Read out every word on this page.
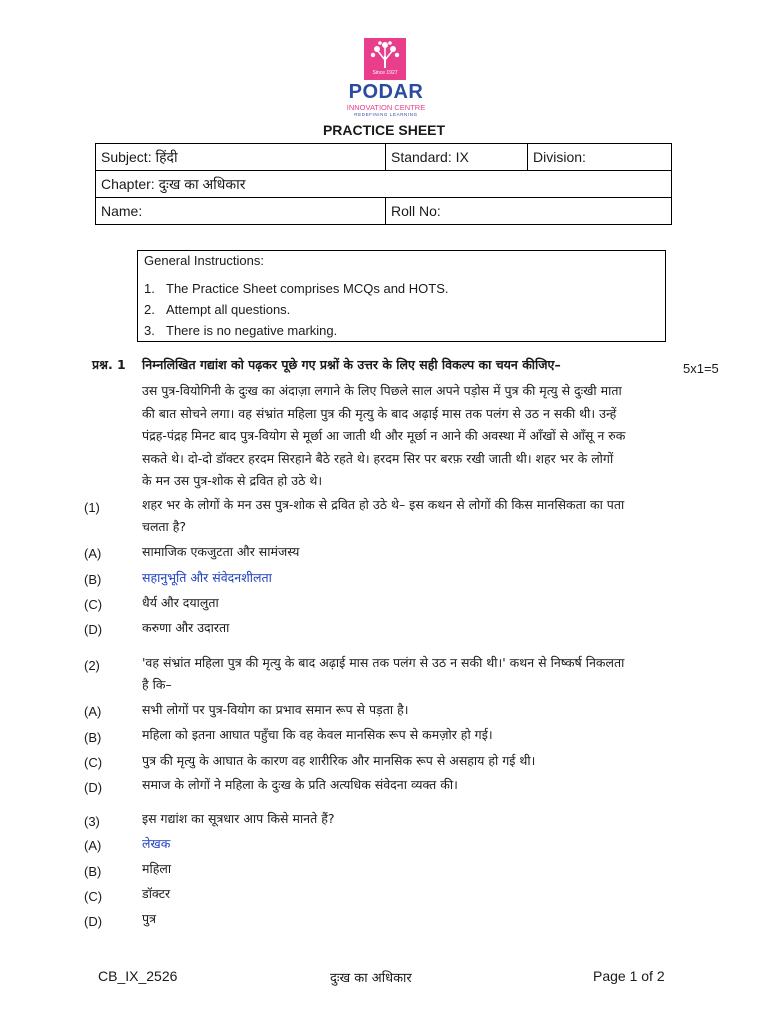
Since 1927
PODAR
INNOVATION CENTRE
REDEFINING LEARNING
PRACTICE SHEET
Subject: हिंदी	Standard: IX	Division:
Chapter: दुःख का अधिकार		
Name:	Roll No:	
General Instructions:
1. The Practice Sheet comprises MCQs and HOTS.
2. Attempt all questions.
3. There is no negative marking.
प्रश्न. 1 निम्नलिखित गद्यांश को पढ़कर पूछे गए प्रश्नों के उत्तर के लिए सही विकल्प का चयन कीजिए–	5x1=5
उस पुत्र-वियोगिनी के दुःख का अंदाज़ा लगाने के लिए पिछले साल अपने पड़ोस में पुत्र की मृत्यु से दुःखी माता
की बात सोचने लगा। वह संभ्रांत महिला पुत्र की मृत्यु के बाद अढ़ाई मास तक पलंग से उठ न सकी थी। उन्हें
पंद्रह-पंद्रह मिनट बाद पुत्र-वियोग से मूर्छा आ जाती थी और मूर्छा न आने की अवस्था में आँखों से आँसू न रुक
सकते थे। दो-दो डॉक्टर हरदम सिरहाने बैठे रहते थे। हरदम सिर पर बरफ़ रखी जाती थी। शहर भर के लोगों
के मन उस पुत्र-शोक से द्रवित हो उठे थे।
(1)	शहर भर के लोगों के मन उस पुत्र-शोक से द्रवित हो उठे थे– इस कथन से लोगों की किस मानसिकता का पता
चलता है?
(A)	सामाजिक एकजुटता और सामंजस्य
(B)	सहानुभूति और संवेदनशीलता
(C)	धैर्य और दयालुता
(D)	करुणा और उदारता
(2)	'वह संभ्रांत महिला पुत्र की मृत्यु के बाद अढ़ाई मास तक पलंग से उठ न सकी थी।' कथन से निष्कर्ष निकलता
है कि–
(A)	सभी लोगों पर पुत्र-वियोग का प्रभाव समान रूप से पड़ता है।
(B)	महिला को इतना आघात पहुँचा कि वह केवल मानसिक रूप से कमज़ोर हो गई।
(C)	पुत्र की मृत्यु के आघात के कारण वह शारीरिक और मानसिक रूप से असहाय हो गई थी।
(D)	समाज के लोगों ने महिला के दुःख के प्रति अत्यधिक संवेदना व्यक्त की।
(3)	इस गद्यांश का सूत्रधार आप किसे मानते हैं?
(A)	लेखक
(B)	महिला
(C)	डॉक्टर
(D)	पुत्र
CB_IX_2526	दुःख का अधिकार	Page 1 of 2
